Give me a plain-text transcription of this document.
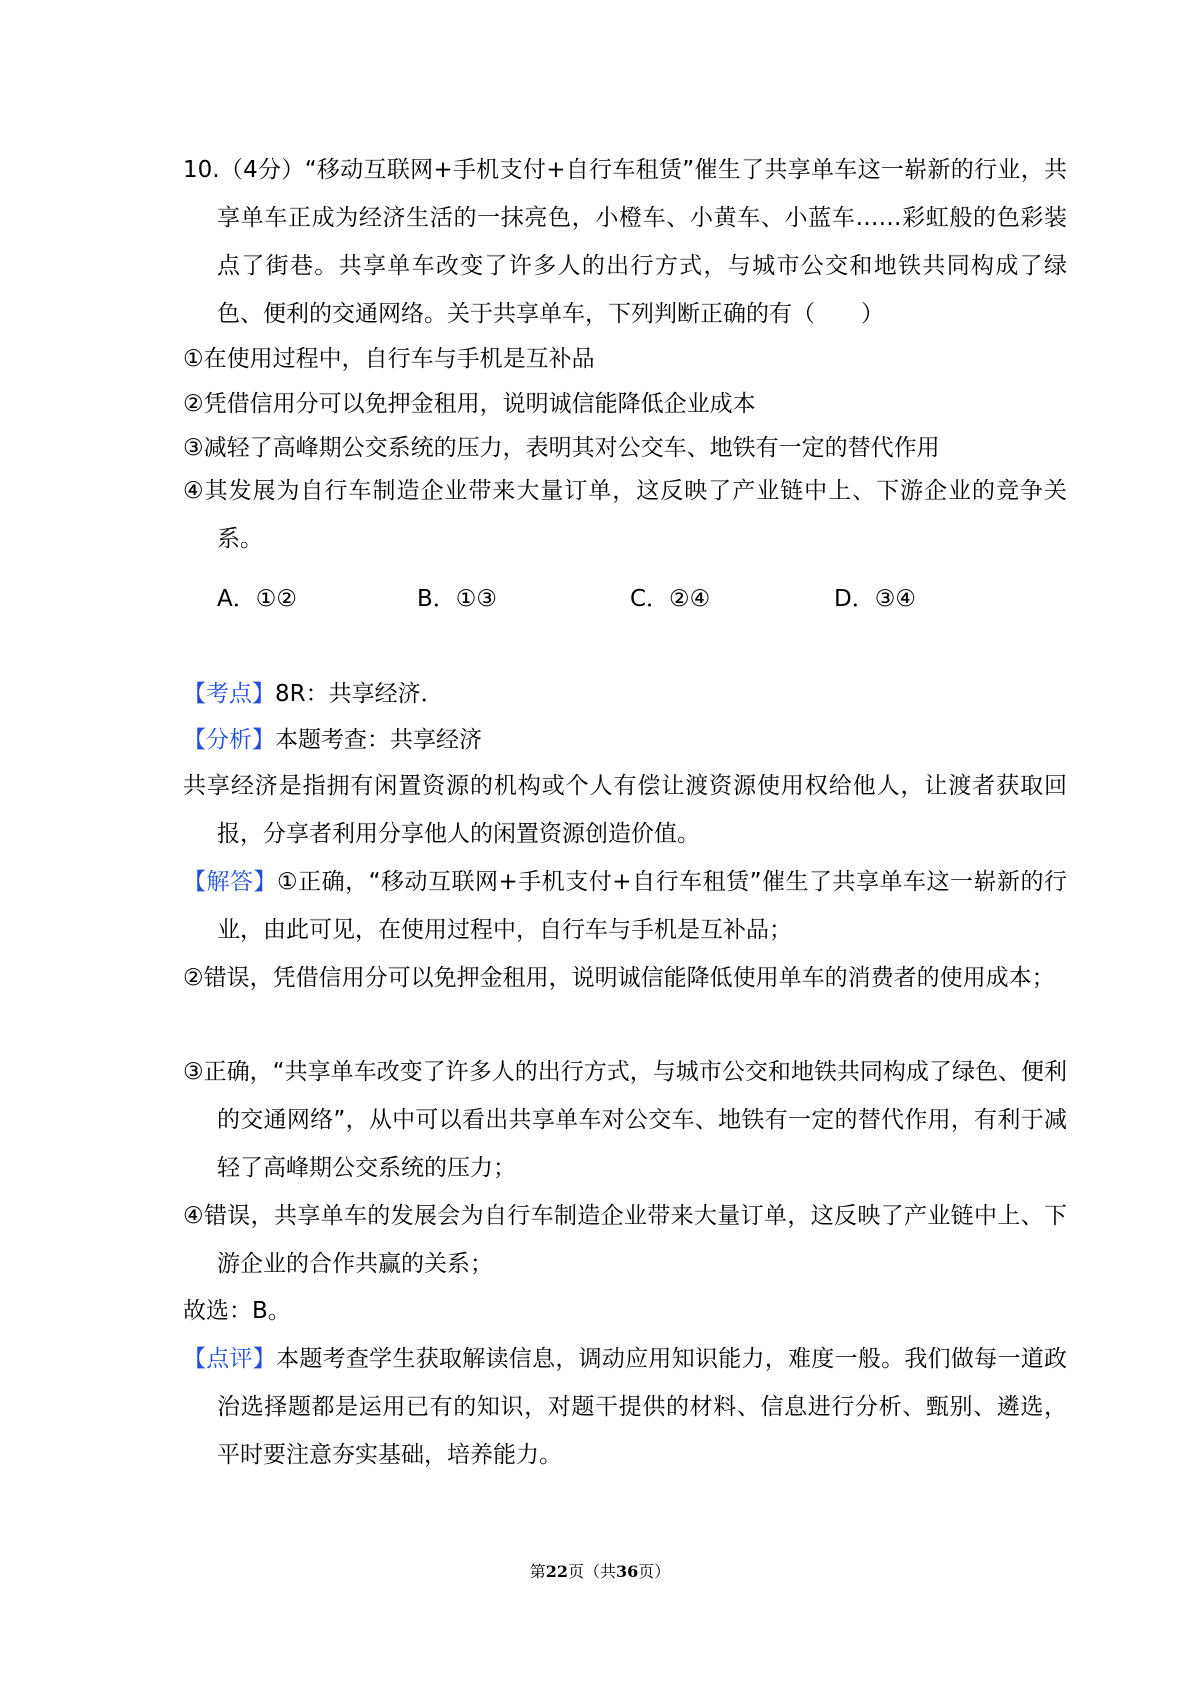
10.（4分）“移动互联网+手机支付+自行车租赁”催生了共享单车这一崭新的行业，共享单车正成为经济生活的一抹亮色，小橙车、小黄车、小蓝车……彩虹般的色彩装点了街巷。共享单车改变了许多人的出行方式，与城市公交和地铁共同构成了绿色、便利的交通网络。关于共享单车，下列判断正确的有（　　）
①在使用过程中，自行车与手机是互补品
②凭借信用分可以免押金租用，说明诚信能降低企业成本
③减轻了高峰期公交系统的压力，表明其对公交车、地铁有一定的替代作用
④其发展为自行车制造企业带来大量订单，这反映了产业链中上、下游企业的竞争关系。
A．①②	B．①③	C．②④	D．③④
【考点】8R：共享经济．
【分析】本题考查：共享经济
共享经济是指拥有闲置资源的机构或个人有偿让渡资源使用权给他人，让渡者获取回报，分享者利用分享他人的闲置资源创造价值。
【解答】①正确，“移动互联网+手机支付+自行车租赁”催生了共享单车这一崭新的行业，由此可见，在使用过程中，自行车与手机是互补品；
②错误，凭借信用分可以免押金租用，说明诚信能降低使用单车的消费者的使用成本；
③正确，“共享单车改变了许多人的出行方式，与城市公交和地铁共同构成了绿色、便利的交通网络”，从中可以看出共享单车对公交车、地铁有一定的替代作用，有利于减轻了高峰期公交系统的压力；
④错误，共享单车的发展会为自行车制造企业带来大量订单，这反映了产业链中上、下游企业的合作共赢的关系；
故选：B。
【点评】本题考查学生获取解读信息，调动应用知识能力，难度一般。我们做每一道政治选择题都是运用已有的知识，对题干提供的材料、信息进行分析、甄别、遴选，平时要注意夯实基础，培养能力。
第22页（共36页）
